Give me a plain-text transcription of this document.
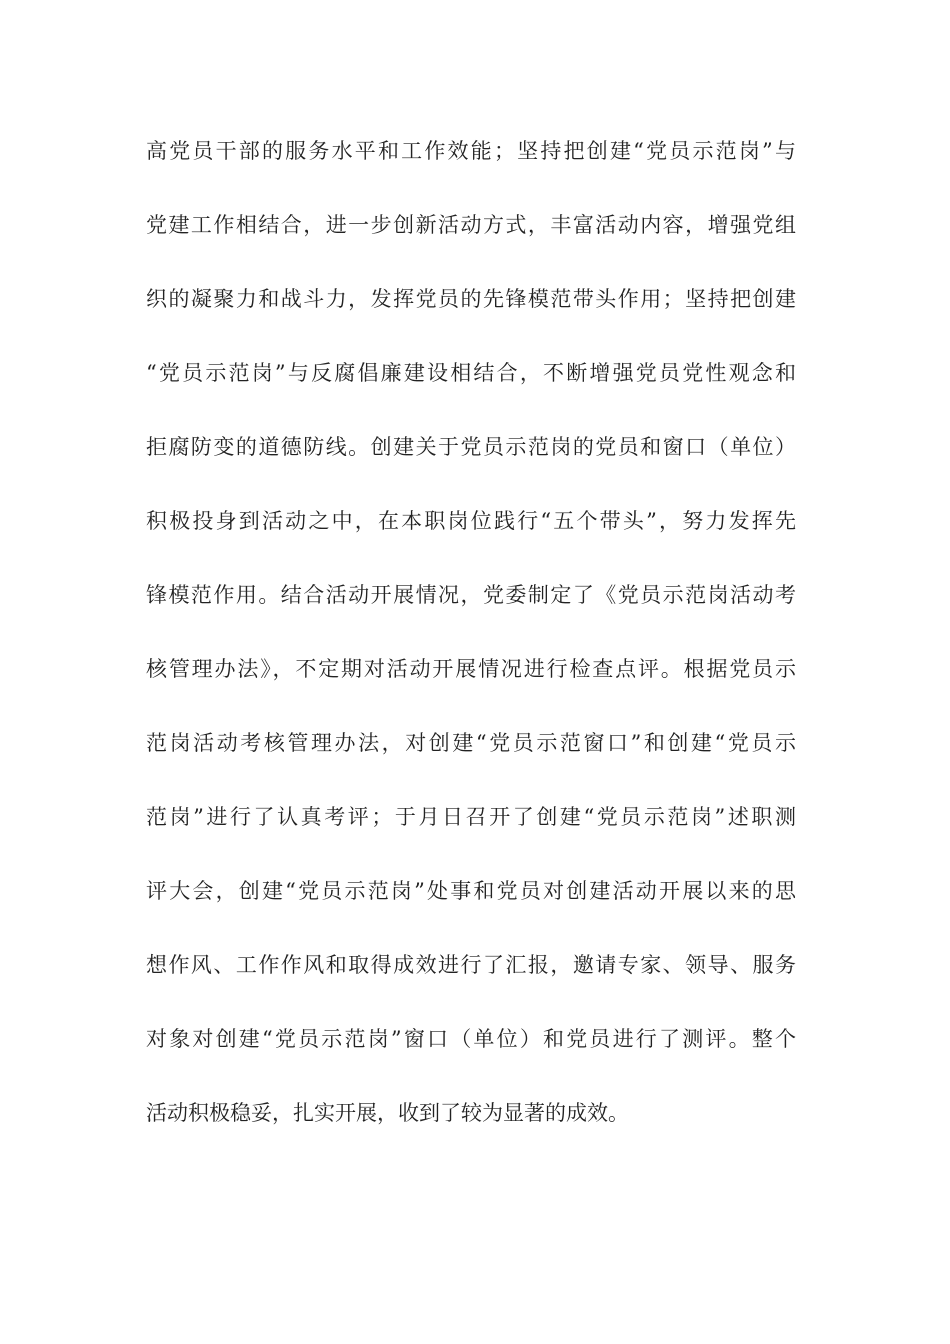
高党员干部的服务水平和工作效能；坚持把创建“党员示范岗”与
党建工作相结合，进一步创新活动方式，丰富活动内容，增强党组
织的凝聚力和战斗力，发挥党员的先锋模范带头作用；坚持把创建
“党员示范岗”与反腐倡廉建设相结合，不断增强党员党性观念和
拒腐防变的道德防线。创建关于党员示范岗的党员和窗口（单位）
积极投身到活动之中，在本职岗位践行“五个带头”，努力发挥先
锋模范作用。结合活动开展情况，党委制定了《党员示范岗活动考
核管理办法》，不定期对活动开展情况进行检查点评。根据党员示
范岗活动考核管理办法，对创建“党员示范窗口”和创建“党员示
范岗”进行了认真考评；于月日召开了创建“党员示范岗”述职测
评大会，创建“党员示范岗”处事和党员对创建活动开展以来的思
想作风、工作作风和取得成效进行了汇报，邀请专家、领导、服务
对象对创建“党员示范岗”窗口（单位）和党员进行了测评。整个
活动积极稳妥，扎实开展，收到了较为显著的成效。
